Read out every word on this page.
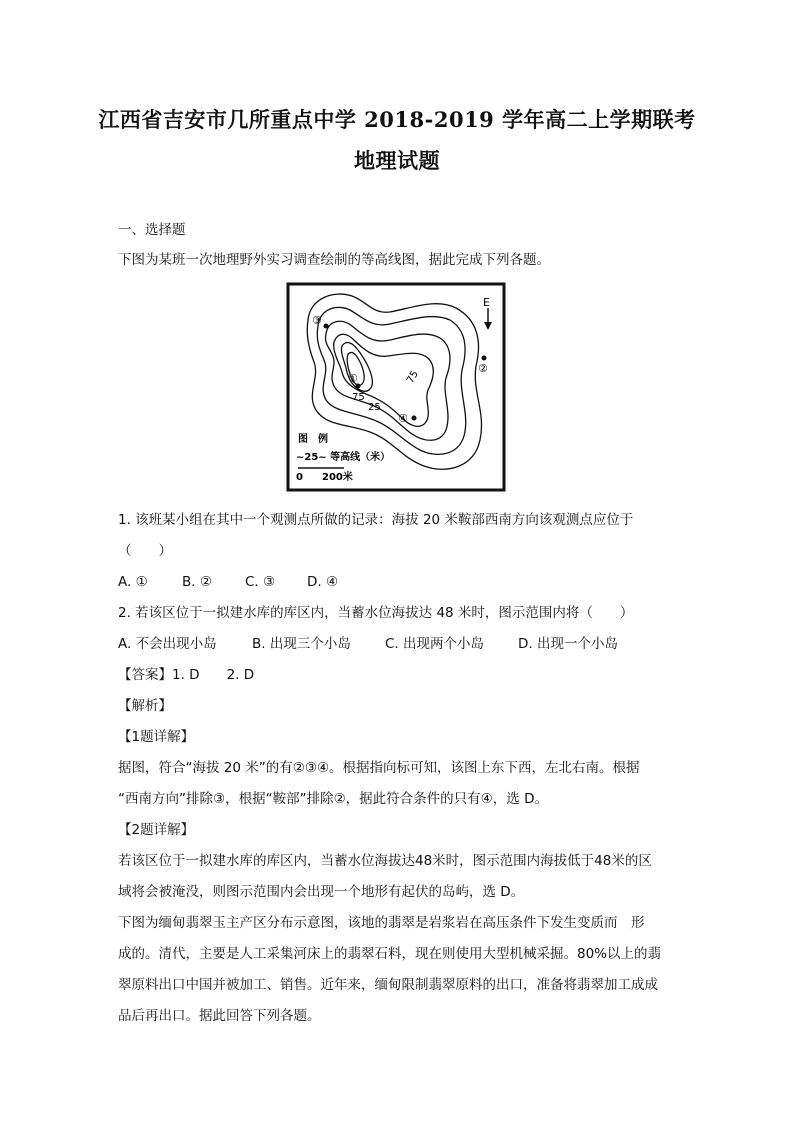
江西省吉安市几所重点中学 2018-2019 学年高二上学期联考
地理试题
一、选择题
下图为某班一次地理野外实习调查绘制的等高线图，据此完成下列各题。
75
75
25
E
③
②
①
④
图　例
~25~ 等高线（米）
0 200米
1. 该班某小组在其中一个观测点所做的记录：海拔 20 米鞍部西南方向该观测点应位于
（　　）
A. ①	B. ② C. ③ D. ④
2. 若该区位于一拟建水库的库区内，当蓄水位海拔达 48 米时，图示范围内将（　　）
A. 不会出现小岛	B. 出现三个小岛	C. 出现两个小岛	D. 出现一个小岛
【答案】1. D　　2. D
【解析】
【1题详解】
据图，符合“海拔 20 米”的有②③④。根据指向标可知，该图上东下西，左北右南。根据
“西南方向”排除③，根据“鞍部”排除②，据此符合条件的只有④，选 D。
【2题详解】
若该区位于一拟建水库的库区内，当蓄水位海拔达48米时，图示范围内海拔低于48米的区
域将会被淹没，则图示范围内会出现一个地形有起伏的岛屿，选 D。
下图为缅甸翡翠玉主产区分布示意图，该地的翡翠是岩浆岩在高压条件下发生变质而　形
成的。清代，主要是人工采集河床上的翡翠石料，现在则使用大型机械采掘。80%以上的翡
翠原料出口中国并被加工、销售。近年来，缅甸限制翡翠原料的出口，准备将翡翠加工成成
品后再出口。据此回答下列各题。
